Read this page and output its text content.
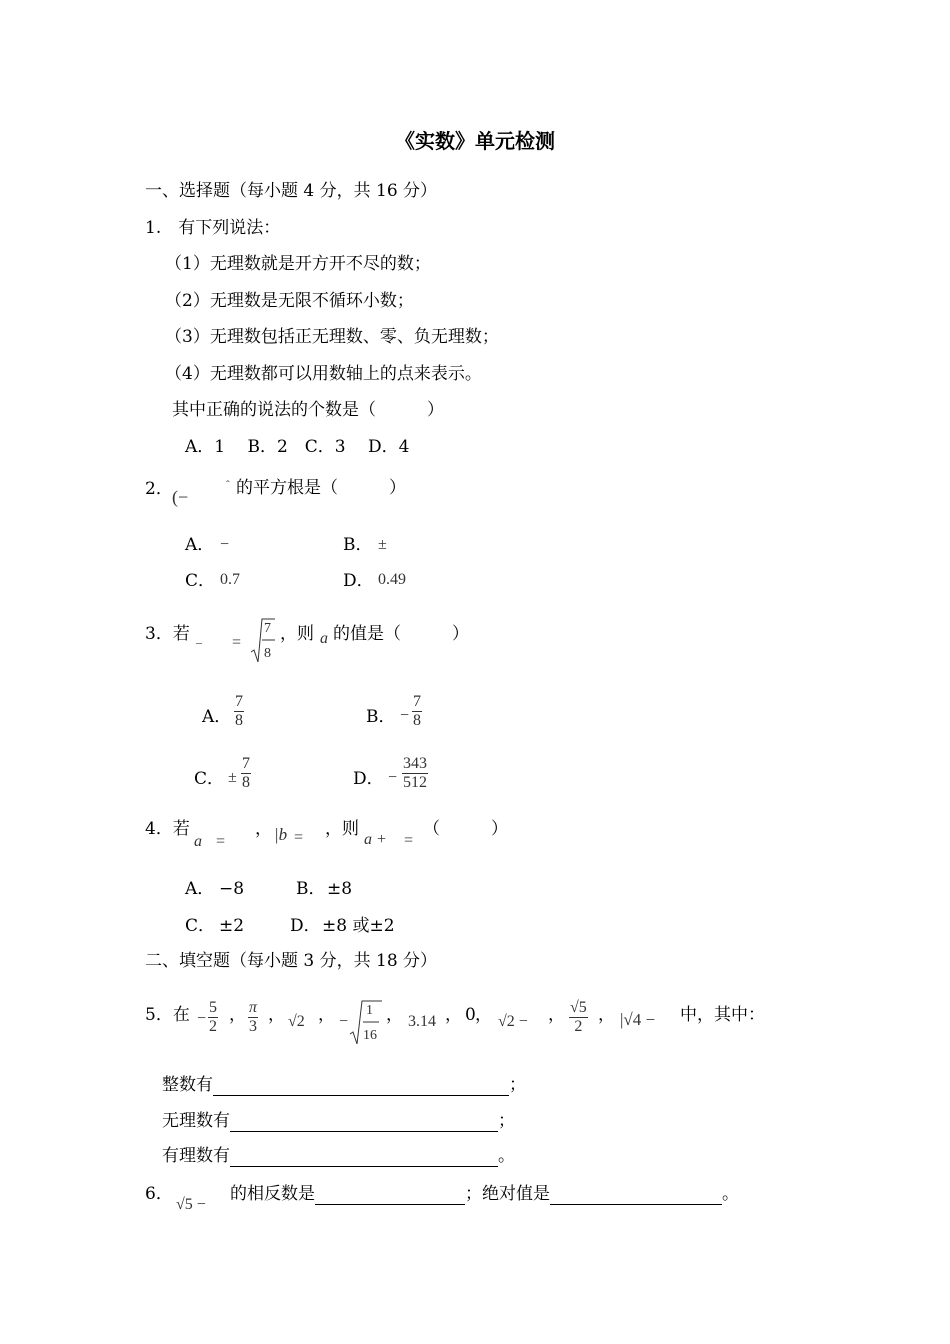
《实数》单元检测
一、选择题（每小题 4 分，共 16 分）
1.　有下列说法：
（1）无理数就是开方开不尽的数；
（2）无理数是无限不循环小数；
（3）无理数包括正无理数、零、负无理数；
（4）无理数都可以用数轴上的点来表示。
其中正确的说法的个数是（　　　）
A．1　 B．2　C．3　 D．4
2． (−
ˆ 的平方根是（　　　）
A． −	B． ±
C． 0.7	D． 0.49
3．若 _ =
7
8
，则 a 的值是（　　　）
A． $\frac{7}{8}$	B． − $\frac{7}{8}$
C． ± $\frac{7}{8}$	D． − $\frac{343}{512}$
4．若
a =
， |b = ，则
a + =
（　　　）
A． −8	B． ±8
C． ±2	D． ±8 或±2
二、填空题（每小题 3 分，共 18 分）
5．在 − $\frac{5}{2}$ ， $\frac{\pi}{3}$ ， √2 ， −
1
16
， 3.14 ， 0 ， √2 − ， $\frac{√5}{2}$ ， |√4 − 中，其中：
整数有	；
无理数有	；
有理数有	。
6．
√5 −
的相反数是	；绝对值是	。
